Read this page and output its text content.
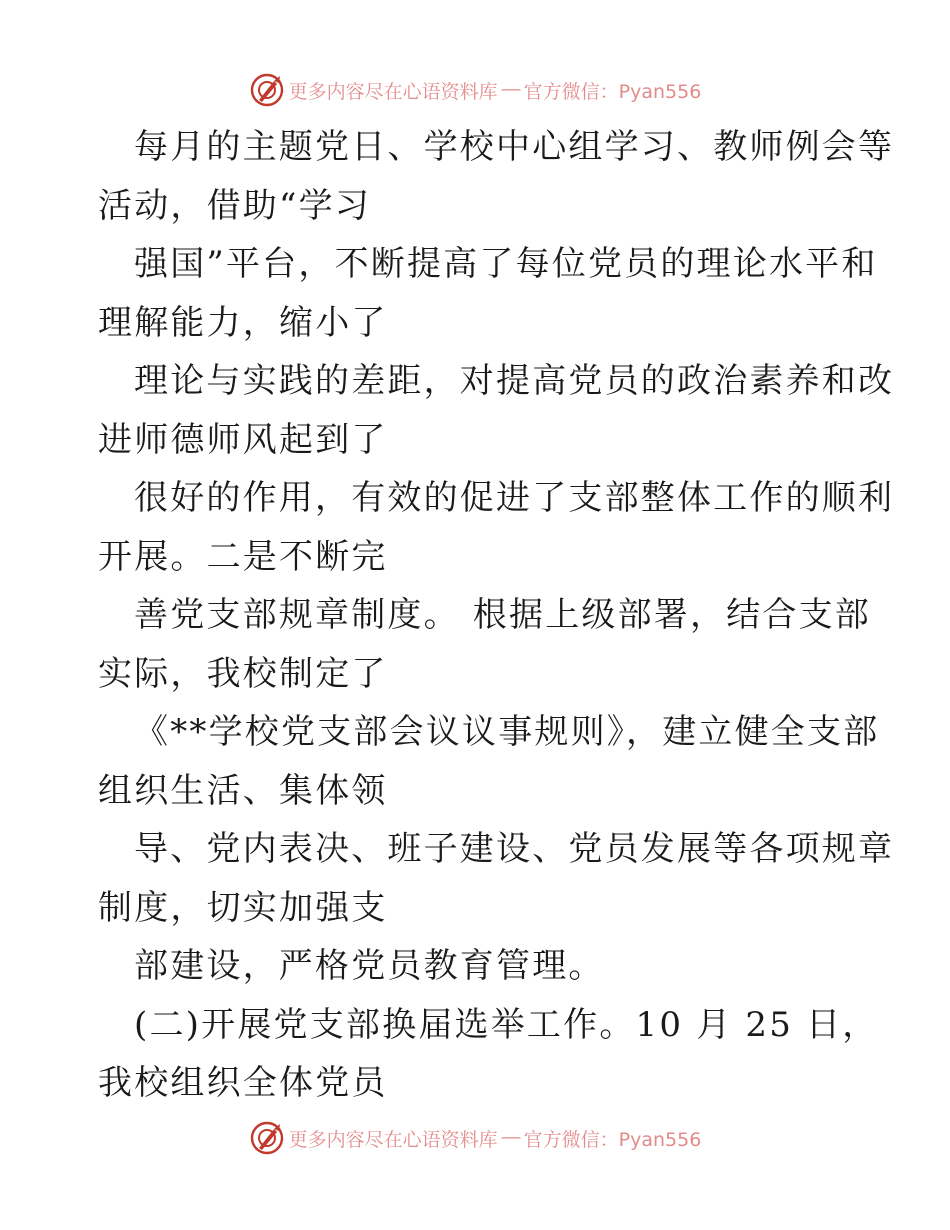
更多内容尽在心语资料库 — 官方微信：Pyan556
每月的主题党日、学校中心组学习、教师例会等
活动，借助“学习
强国”平台，不断提高了每位党员的理论水平和
理解能力，缩小了
理论与实践的差距，对提高党员的政治素养和改
进师德师风起到了
很好的作用，有效的促进了支部整体工作的顺利
开展。二是不断完
善党支部规章制度。 根据上级部署，结合支部
实际，我校制定了
《**学校党支部会议议事规则》，建立健全支部
组织生活、集体领
导、党内表决、班子建设、党员发展等各项规章
制度，切实加强支
部建设，严格党员教育管理。
(二)开展党支部换届选举工作。10 月 25 日，
我校组织全体党员
更多内容尽在心语资料库 — 官方微信：Pyan556
